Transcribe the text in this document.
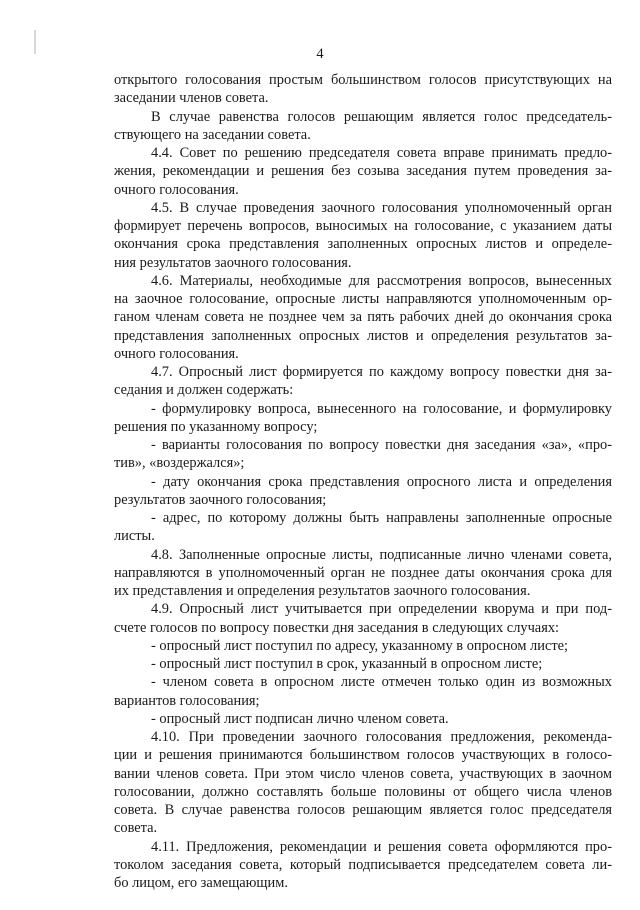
4
открытого голосования простым большинством голосов присутствующих на
заседании членов совета.
В случае равенства голосов решающим является голос председатель-
ствующего на заседании совета.
4.4. Совет по решению председателя совета вправе принимать предло-
жения, рекомендации и решения без созыва заседания путем проведения за-
очного голосования.
4.5. В случае проведения заочного голосования уполномоченный орган
формирует перечень вопросов, выносимых на голосование, с указанием даты
окончания срока представления заполненных опросных листов и определе-
ния результатов заочного голосования.
4.6. Материалы, необходимые для рассмотрения вопросов, вынесенных
на заочное голосование, опросные листы направляются уполномоченным ор-
ганом членам совета не позднее чем за пять рабочих дней до окончания срока
представления заполненных опросных листов и определения результатов за-
очного голосования.
4.7. Опросный лист формируется по каждому вопросу повестки дня за-
седания и должен содержать:
- формулировку вопроса, вынесенного на голосование, и формулировку
решения по указанному вопросу;
- варианты голосования по вопросу повестки дня заседания «за», «про-
тив», «воздержался»;
- дату окончания срока представления опросного листа и определения
результатов заочного голосования;
- адрес, по которому должны быть направлены заполненные опросные
листы.
4.8. Заполненные опросные листы, подписанные лично членами совета,
направляются в уполномоченный орган не позднее даты окончания срока для
их представления и определения результатов заочного голосования.
4.9. Опросный лист учитывается при определении кворума и при под-
счете голосов по вопросу повестки дня заседания в следующих случаях:
- опросный лист поступил по адресу, указанному в опросном листе;
- опросный лист поступил в срок, указанный в опросном листе;
- членом совета в опросном листе отмечен только один из возможных
вариантов голосования;
- опросный лист подписан лично членом совета.
4.10. При проведении заочного голосования предложения, рекоменда-
ции и решения принимаются большинством голосов участвующих в голосо-
вании членов совета. При этом число членов совета, участвующих в заочном
голосовании, должно составлять больше половины от общего числа членов
совета. В случае равенства голосов решающим является голос председателя
совета.
4.11. Предложения, рекомендации и решения совета оформляются про-
токолом заседания совета, который подписывается председателем совета ли-
бо лицом, его замещающим.
